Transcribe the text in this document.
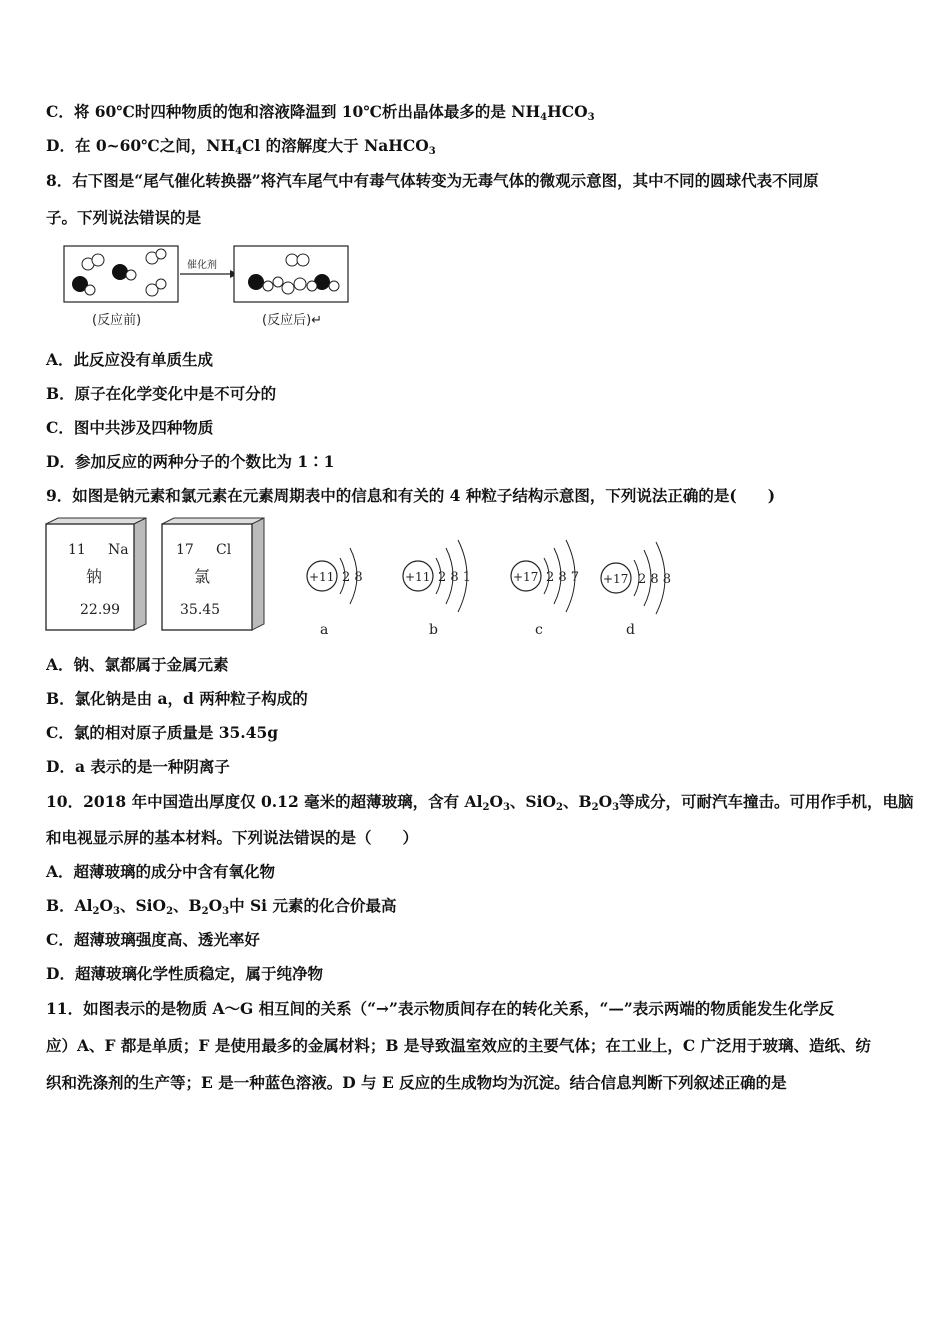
C．将 60℃时四种物质的饱和溶液降温到 10℃析出晶体最多的是 $NH_4HCO_3$
D．在 0~60℃之间，$NH_4Cl$ 的溶解度大于 NaHCO$_3$
8．右下图是“尾气催化转换器”将汽车尾气中有毒气体转变为无毒气体的微观示意图，其中不同的圆球代表不同原
子。下列说法错误的是
催化剂
(反应前)	(反应后)↵
A．此反应没有单质生成
B．原子在化学变化中是不可分的
C．图中共涉及四种物质
D．参加反应的两种分子的个数比为 1∶1
9．如图是钠元素和氯元素在元素周期表中的信息和有关的 4 种粒子结构示意图，下列说法正确的是(　　)
11 Na
钠
22.99
17 Cl
氯
35.45
+11 2 8
a
+11 2 8 1
b
+17 2 8 7
c
+17 2 8 8
d
A．钠、氯都属于金属元素
B．氯化钠是由 a，d 两种粒子构成的
C．氯的相对原子质量是 35.45g
D．a 表示的是一种阴离子
10．2018 年中国造出厚度仅 0.12 毫米的超薄玻璃，含有 $Al_2O_3$、SiO$_2$、$B_2O_3$等成分，可耐汽车撞击。可用作手机，电脑
和电视显示屏的基本材料。下列说法错误的是（　　）
A．超薄玻璃的成分中含有氧化物
B．$Al_2O_3$、SiO$_2$、$B_2O_3$中 Si 元素的化合价最高
C．超薄玻璃强度高、透光率好
D．超薄玻璃化学性质稳定，属于纯净物
11．如图表示的是物质 A～G 相互间的关系（“→”表示物质间存在的转化关系，“—”表示两端的物质能发生化学反
应）A、F 都是单质；F 是使用最多的金属材料；B 是导致温室效应的主要气体；在工业上，C 广泛用于玻璃、造纸、纺
织和洗涤剂的生产等；E 是一种蓝色溶液。D 与 E 反应的生成物均为沉淀。结合信息判断下列叙述正确的是
